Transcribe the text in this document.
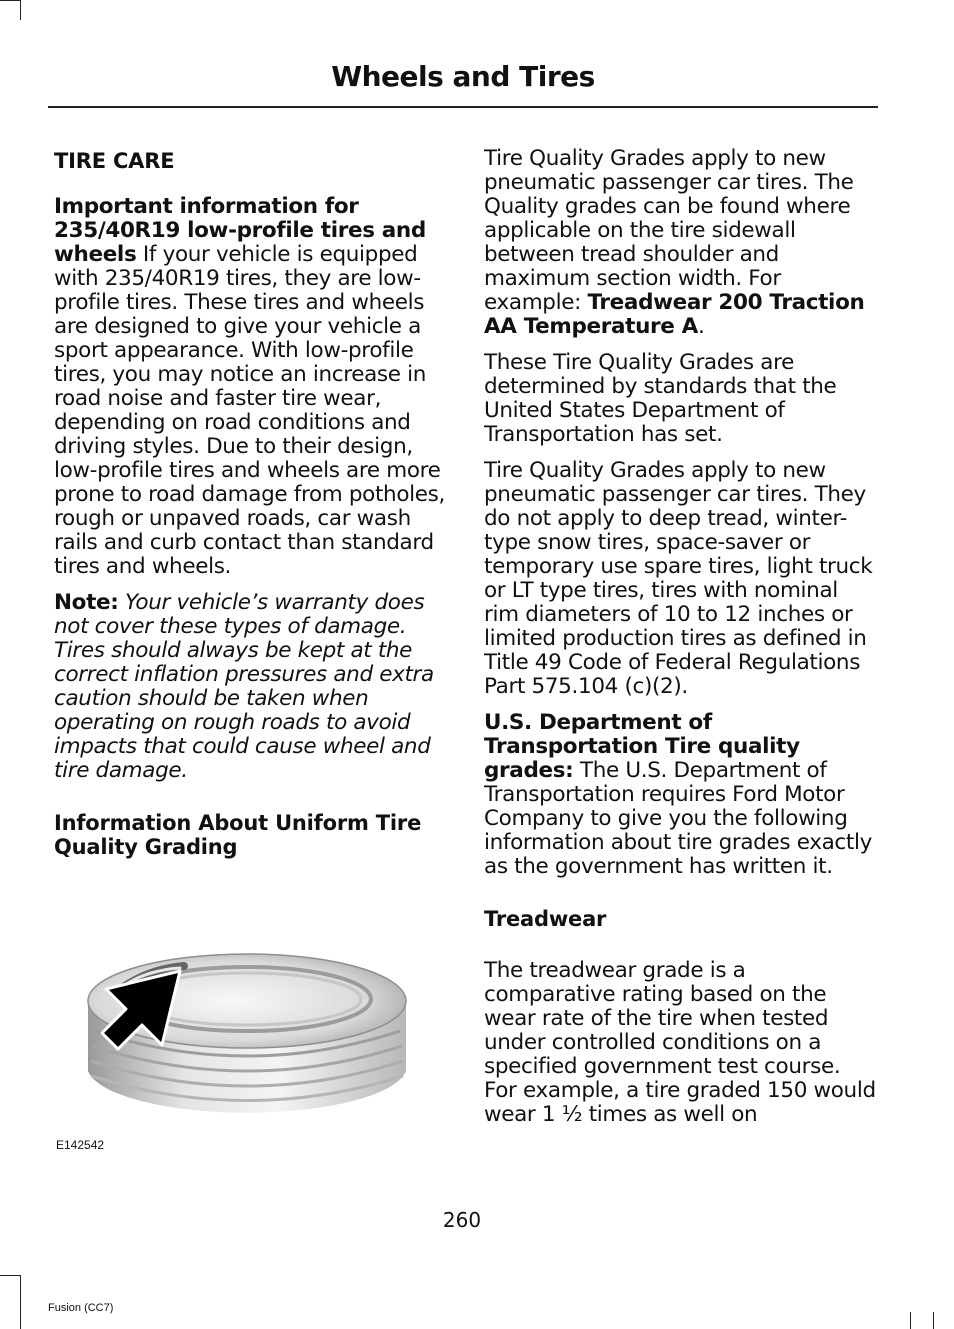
Wheels and Tires

TIRE CARE

Important information for 235/40R19 low-profile tires and wheels If your vehicle is equipped with 235/40R19 tires, they are low-profile tires. These tires and wheels are designed to give your vehicle a sport appearance. With low-profile tires, you may notice an increase in road noise and faster tire wear, depending on road conditions and driving styles. Due to their design, low-profile tires and wheels are more prone to road damage from potholes, rough or unpaved roads, car wash rails and curb contact than standard tires and wheels.

Note: Your vehicle’s warranty does not cover these types of damage. Tires should always be kept at the correct inflation pressures and extra caution should be taken when operating on rough roads to avoid impacts that could cause wheel and tire damage.

Information About Uniform Tire Quality Grading

E142542

Tire Quality Grades apply to new pneumatic passenger car tires. The Quality grades can be found where applicable on the tire sidewall between tread shoulder and maximum section width. For example: Treadwear 200 Traction AA Temperature A.

These Tire Quality Grades are determined by standards that the United States Department of Transportation has set.

Tire Quality Grades apply to new pneumatic passenger car tires. They do not apply to deep tread, winter-type snow tires, space-saver or temporary use spare tires, light truck or LT type tires, tires with nominal rim diameters of 10 to 12 inches or limited production tires as defined in Title 49 Code of Federal Regulations Part 575.104 (c)(2).

U.S. Department of Transportation Tire quality grades: The U.S. Department of Transportation requires Ford Motor Company to give you the following information about tire grades exactly as the government has written it.

Treadwear

The treadwear grade is a comparative rating based on the wear rate of the tire when tested under controlled conditions on a specified government test course. For example, a tire graded 150 would wear 1 ½ times as well on

260
Fusion (CC7)
